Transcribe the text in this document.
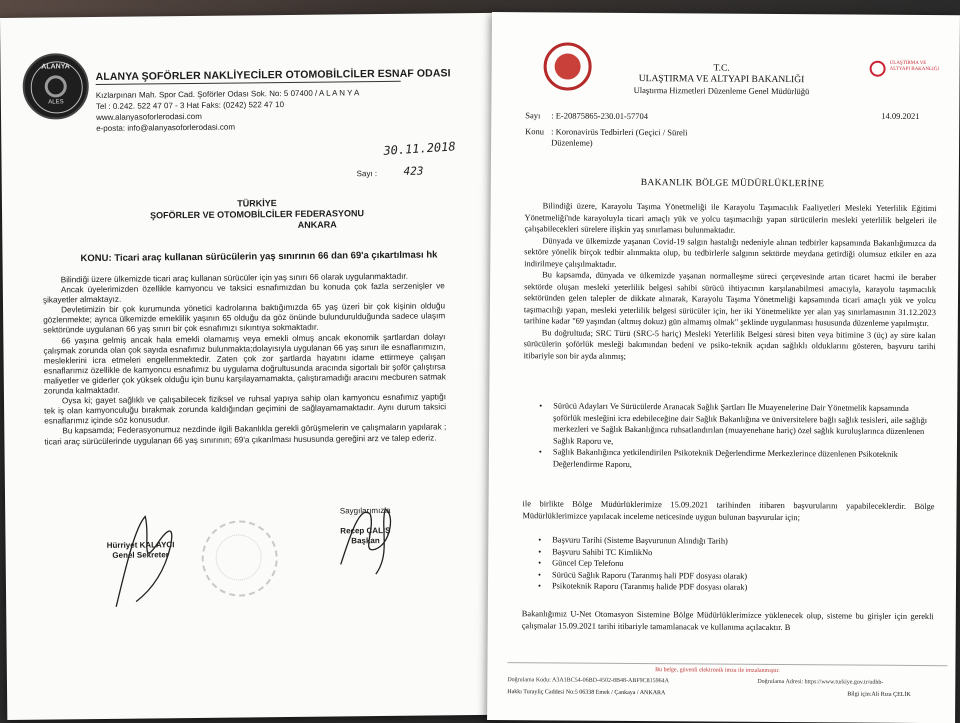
ALANYA
ALES
ALANYA ŞOFÖRLER NAKLİYECİLER OTOMOBİLCİLER ESNAF ODASI
Kızlarpınarı Mah. Spor Cad. Şoförler Odası Sok. No: 5 07400 / A L A N Y A
Tel : 0.242. 522 47 07 - 3 Hat Faks: (0242) 522 47 10
www.alanyasoforlerodasi.com
e-posta: info@alanyasoforlerodasi.com
30.11.2018
Sayı : 423
TÜRKİYE
ŞOFÖRLER VE OTOMOBİLCİLER FEDERASYONU
ANKARA
KONU: Ticari araç kullanan sürücülerin yaş sınırının 66 dan 69'a çıkartılması hk

Bilindiği üzere ülkemizde ticari araç kullanan sürücüler için yaş sınırı 66 olarak uygulanmaktadır.

Ancak üyelerimizden özellikle kamyoncu ve taksici esnafımızdan bu konuda çok fazla serzenişler ve şikayetler almaktayız.

Devletimizin bir çok kurumunda yönetici kadrolarına baktığımızda 65 yaş üzeri bir çok kişinin olduğu gözlenmekte; ayrıca ülkemizde emeklilik yaşının 65 olduğu da göz önünde bulundurulduğunda sadece ulaşım sektöründe uygulanan 66 yaş sınırı bir çok esnafımızı sıkıntıya sokmaktadır.

66 yaşına gelmiş ancak hala emekli olamamış veya emekli olmuş ancak ekonomik şartlardan dolayı çalışmak zorunda olan çok sayıda esnafımız bulunmakta;dolayısıyla uygulanan 66 yaş sınırı ile esnaflarımızın, mesleklerini icra etmeleri engellenmektedir. Zaten çok zor şartlarda hayatını idame ettirmeye çalışan esnaflarımız özellikle de kamyoncu esnafımız bu uygulama doğrultusunda aracında sigortalı bir şoför çalıştırsa maliyetler ve giderler çok yüksek olduğu için bunu karşılayamamakta, çalıştıramadığı aracını mecburen satmak zorunda kalmaktadır.

Oysa ki; gayet sağlıklı ve çalışabilecek fiziksel ve ruhsal yapıya sahip olan kamyoncu esnafımız yaptığı tek iş olan kamyonculuğu bırakmak zorunda kaldığından geçimini de sağlayamamaktadır. Aynı durum taksici esnaflarımız içinde söz konusudur.

Bu kapsamda; Federasyonumuz nezdinde ilgili Bakanlıkla gerekli görüşmelerin ve çalışmaların yapılarak ; ticari araç sürücülerinde uygulanan 66 yaş sınırının; 69'a çıkarılması hususunda gereğini arz ve talep ederiz.

Saygılarımızla
Hürriyet KALAYCI
Genel Sekreter
Recep ÇALIŞ
Başkan
ULAŞTIRMA VE ALTYAPI BAKANLIĞI
T.C.
ULAŞTIRMA VE ALTYAPI BAKANLIĞI
Ulaştırma Hizmetleri Düzenleme Genel Müdürlüğü
Sayı : E-20875865-230.01-57704	14.09.2021
Konu : Koronavirüs Tedbirleri (Geçici / Süreli Düzenleme)
BAKANLIK BÖLGE MÜDÜRLÜKLERİNE

Bilindiği üzere, Karayolu Taşıma Yönetmeliği ile Karayolu Taşımacılık Faaliyetleri Mesleki Yeterlilik Eğitimi Yönetmeliği'nde karayoluyla ticari amaçlı yük ve yolcu taşımacılığı yapan sürücülerin mesleki yeterlilik belgeleri ile çalışabilecekleri sürelere ilişkin yaş sınırlaması bulunmaktadır.

Dünyada ve ülkemizde yaşanan Covid-19 salgın hastalığı nedeniyle alınan tedbirler kapsamında Bakanlığımızca da sektöre yönelik birçok tedbir alınmakta olup, bu tedbirlerle salgının sektörde meydana getirdiği olumsuz etkiler en aza indirilmeye çalışılmaktadır.

Bu kapsamda, dünyada ve ülkemizde yaşanan normalleşme süreci çerçevesinde artan ticaret hacmi ile beraber sektörde oluşan mesleki yeterlilik belgesi sahibi sürücü ihtiyacının karşılanabilmesi amacıyla, karayolu taşımacılık sektöründen gelen talepler de dikkate alınarak, Karayolu Taşıma Yönetmeliği kapsamında ticari amaçlı yük ve yolcu taşımacılığı yapan, mesleki yeterlilik belgesi sürücüler için, her iki Yönetmelikte yer alan yaş sınırlamasının 31.12.2023 tarihine kadar "69 yaşından (altmış dokuz) gün almamış olmak" şeklinde uygulanması hususunda düzenleme yapılmıştır.

Bu doğrultuda; SRC Türü (SRC-5 hariç) Mesleki Yeterlilik Belgesi süresi biten veya bitimine 3 (üç) ay süre kalan sürücülerin şoförlük mesleği bakımından bedeni ve psiko-teknik açıdan sağlıklı olduklarını gösteren, başvuru tarihi itibariyle son bir ayda alınmış;

• Sürücü Adayları Ve Sürücülerde Aranacak Sağlık Şartları İle Muayenelerine Dair Yönetmelik kapsamında şoförlük mesleğini icra edebileceğine dair Sağlık Bakanlığına ve üniversitelere bağlı sağlık tesisleri, aile sağlığı merkezleri ve Sağlık Bakanlığınca ruhsatlandırılan (muayenehane hariç) özel sağlık kuruluşlarınca düzenlenen Sağlık Raporu ve,
• Sağlık Bakanlığınca yetkilendirilen Psikoteknik Değerlendirme Merkezlerince düzenlenen Psikoteknik Değerlendirme Raporu,
ile birlikte Bölge Müdürlüklerimize 15.09.2021 tarihinden itibaren başvurularını yapabileceklerdir. Bölge Müdürlüklerimizce yapılacak inceleme neticesinde uygun bulunan başvurular için;
• Başvuru Tarihi (Sisteme Başvurunun Alındığı Tarih)
• Başvuru Sahibi TC KimlikNo
• Güncel Cep Telefonu
• Sürücü Sağlık Raporu (Taranmış hali PDF dosyası olarak)
• Psikoteknik Raporu (Taranmış halide PDF dosyası olarak)
Bakanlığımız U-Net Otomasyon Sistemine Bölge Müdürlüklerimizce yüklenecek olup, sisteme bu girişler için gerekli çalışmalar 15.09.2021 tarihi itibariyle tamamlanacak ve kullanıma açılacaktır. B
Bu belge, güvenli elektronik imza ile imzalanmıştır.
Doğrulama Kodu: A3A1BC54-06BD-4502-8B48-ABF9C815964A	Doğrulama Adresi: https://www.turkiye.gov.tr/udhb-
Hakkı Turayliç Caddesi No:5 06338 Emek / Çankaya / ANKARA	Bilgi için:Ali Rıza ÇELİK
